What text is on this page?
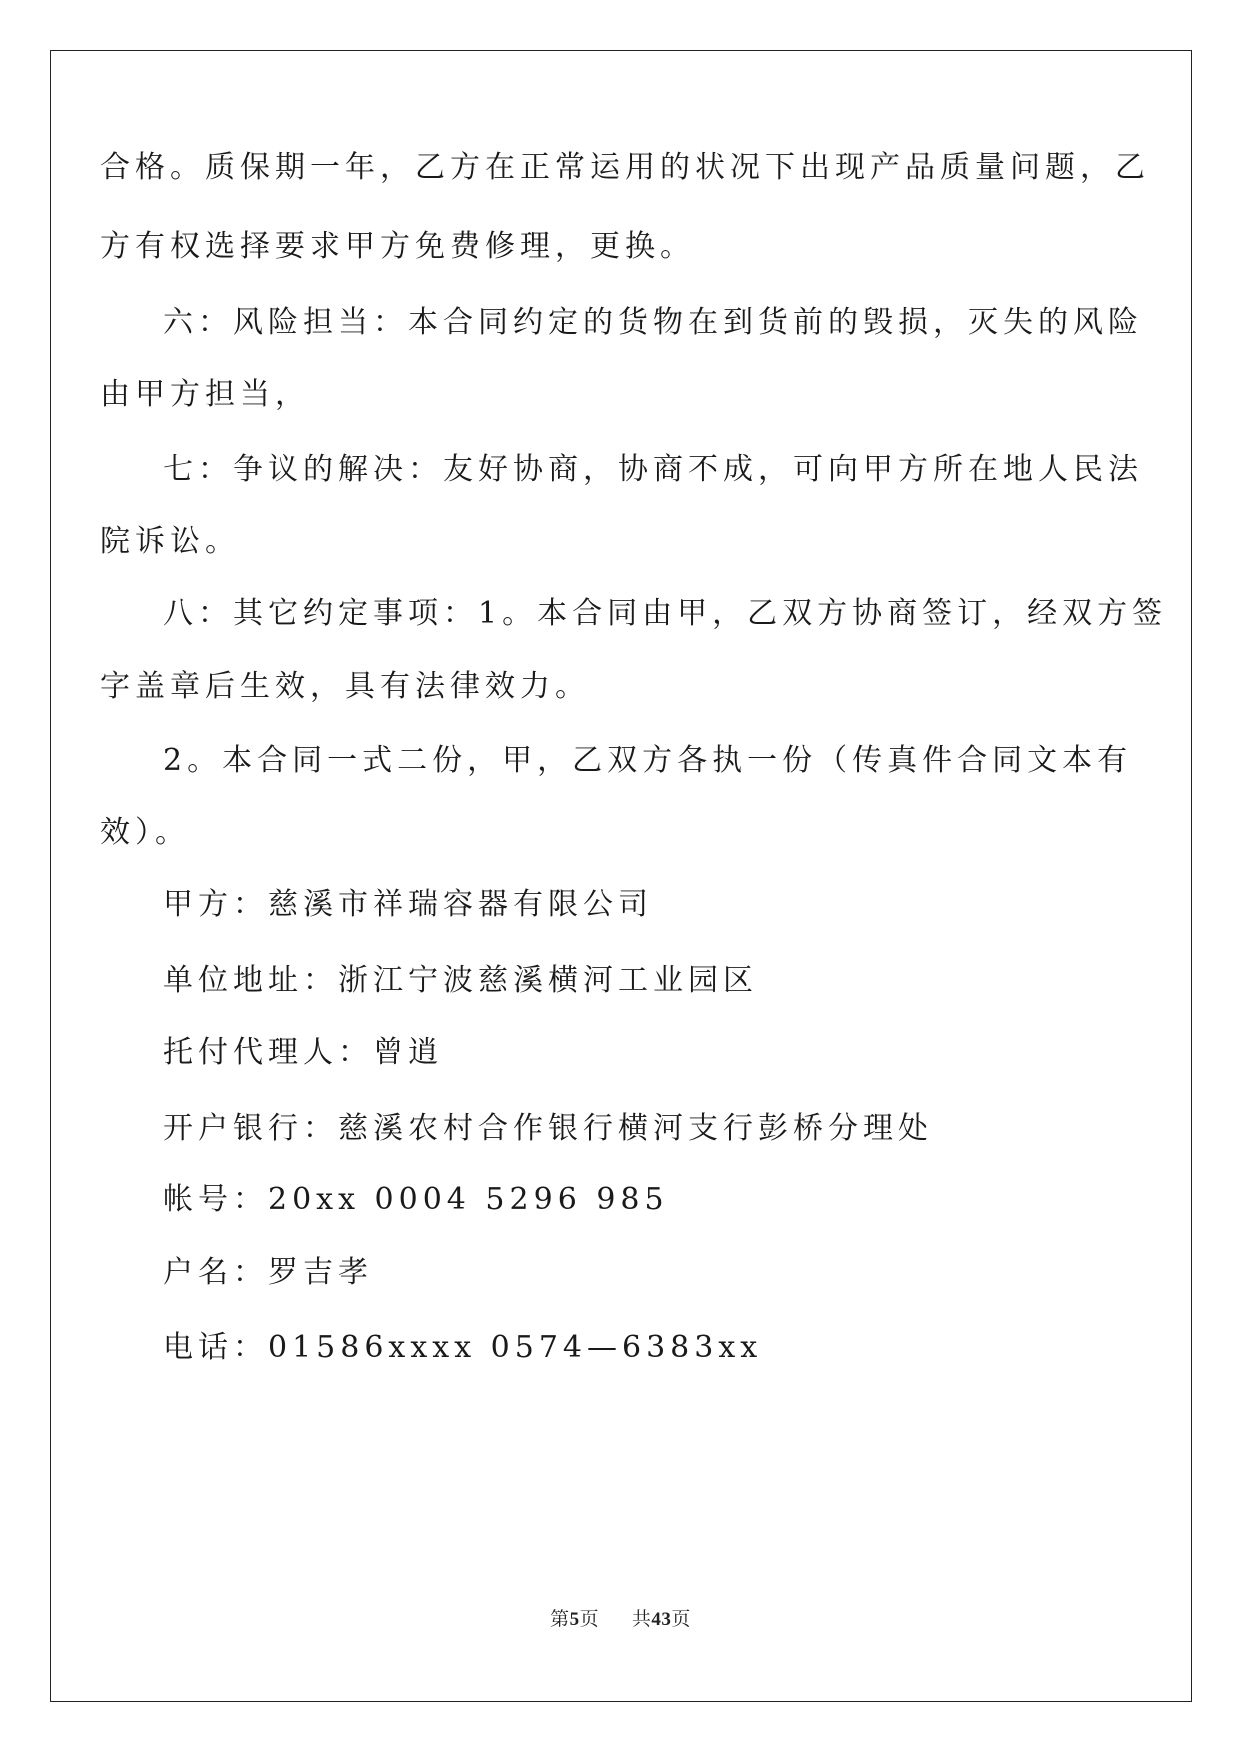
合格。质保期一年，乙方在正常运用的状况下出现产品质量问题，乙
方有权选择要求甲方免费修理，更换。
六：风险担当：本合同约定的货物在到货前的毁损，灭失的风险
由甲方担当，
七：争议的解决：友好协商，协商不成，可向甲方所在地人民法
院诉讼。
八：其它约定事项：1。本合同由甲，乙双方协商签订，经双方签
字盖章后生效，具有法律效力。
2。本合同一式二份，甲，乙双方各执一份（传真件合同文本有
效）。
甲方：慈溪市祥瑞容器有限公司
单位地址：浙江宁波慈溪横河工业园区
托付代理人：曾逍
开户银行：慈溪农村合作银行横河支行彭桥分理处
帐号：20xx 0004 5296 985
户名：罗吉孝
电话：01586xxxx 0574—6383xx
第5页 共43页
